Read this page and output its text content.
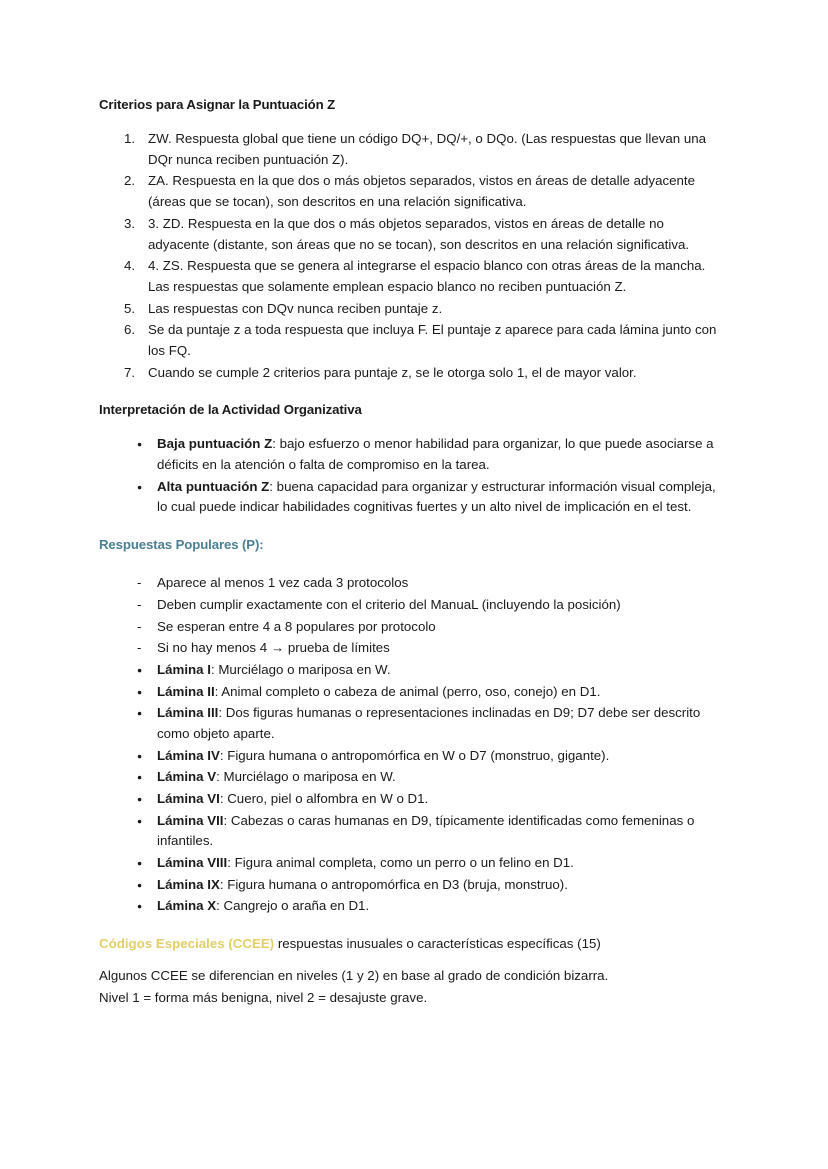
Criterios para Asignar la Puntuación Z
ZW. Respuesta global que tiene un código DQ+, DQ/+, o DQo. (Las respuestas que llevan una DQr nunca reciben puntuación Z).
ZA. Respuesta en la que dos o más objetos separados, vistos en áreas de detalle adyacente (áreas que se tocan), son descritos en una relación significativa.
3. ZD. Respuesta en la que dos o más objetos separados, vistos en áreas de detalle no adyacente (distante, son áreas que no se tocan), son descritos en una relación significativa.
4. ZS. Respuesta que se genera al integrarse el espacio blanco con otras áreas de la mancha. Las respuestas que solamente emplean espacio blanco no reciben puntuación Z.
Las respuestas con DQv nunca reciben puntaje z.
Se da puntaje z a toda respuesta que incluya F. El puntaje z aparece para cada lámina junto con los FQ.
Cuando se cumple 2 criterios para puntaje z, se le otorga solo 1, el de mayor valor.
Interpretación de la Actividad Organizativa
● Baja puntuación Z: bajo esfuerzo o menor habilidad para organizar, lo que puede asociarse a déficits en la atención o falta de compromiso en la tarea.
● Alta puntuación Z: buena capacidad para organizar y estructurar información visual compleja, lo cual puede indicar habilidades cognitivas fuertes y un alto nivel de implicación en el test.
Respuestas Populares (P):
- Aparece al menos 1 vez cada 3 protocolos
- Deben cumplir exactamente con el criterio del ManuaL (incluyendo la posición)
- Se esperan entre 4 a 8 populares por protocolo
- Si no hay menos 4 → prueba de límites
● Lámina I: Murciélago o mariposa en W.
● Lámina II: Animal completo o cabeza de animal (perro, oso, conejo) en D1.
● Lámina III: Dos figuras humanas o representaciones inclinadas en D9; D7 debe ser descrito como objeto aparte.
● Lámina IV: Figura humana o antropomórfica en W o D7 (monstruo, gigante).
● Lámina V: Murciélago o mariposa en W.
● Lámina VI: Cuero, piel o alfombra en W o D1.
● Lámina VII: Cabezas o caras humanas en D9, típicamente identificadas como femeninas o infantiles.
● Lámina VIII: Figura animal completa, como un perro o un felino en D1.
● Lámina IX: Figura humana o antropomórfica en D3 (bruja, monstruo).
● Lámina X: Cangrejo o araña en D1.

Códigos Especiales (CCEE) respuestas inusuales o características específicas (15)

Algunos CCEE se diferencian en niveles (1 y 2) en base al grado de condición bizarra.

Nivel 1 = forma más benigna, nivel 2 = desajuste grave.
